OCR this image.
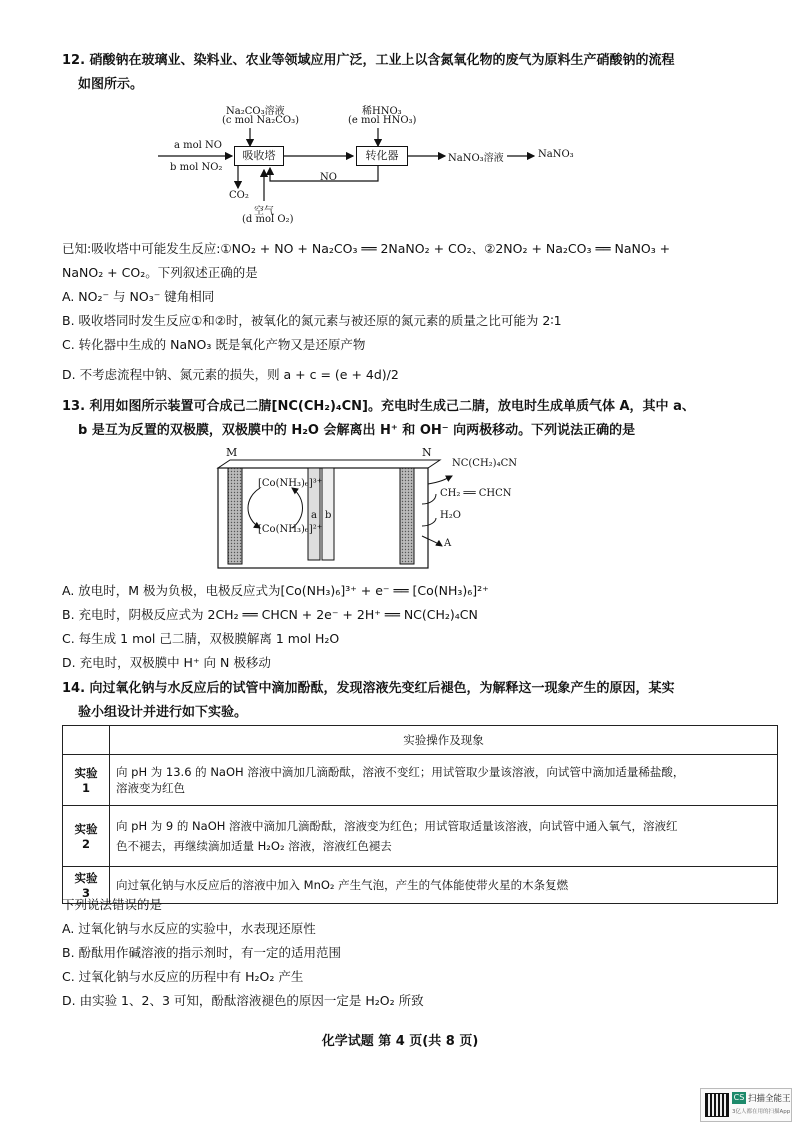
12. 硝酸钠在玻璃业、染料业、农业等领域应用广泛，工业上以含氮氧化物的废气为原料生产硝酸钠的流程
如图所示。
a mol NO
b mol NO₂
Na₂CO₃溶液
(c mol Na₂CO₃)
稀HNO₃
(e mol HNO₃)
吸收塔	转化器	NaNO₃溶液	NaNO₃
NO
CO₂
空气
(d mol O₂)
已知:吸收塔中可能发生反应:①NO₂ + NO + Na₂CO₃ ══ 2NaNO₂ + CO₂、②2NO₂ + Na₂CO₃ ══ NaNO₃ +
NaNO₂ + CO₂。下列叙述正确的是
A. NO₂⁻ 与 NO₃⁻ 键角相同
B. 吸收塔同时发生反应①和②时，被氧化的氮元素与被还原的氮元素的质量之比可能为 2∶1
C. 转化器中生成的 NaNO₃ 既是氧化产物又是还原产物
D. 不考虑流程中钠、氮元素的损失，则 a + c = (e + 4d)/2
13. 利用如图所示装置可合成己二腈[NC(CH₂)₄CN]。充电时生成己二腈，放电时生成单质气体 A，其中 a、
b 是互为反置的双极膜，双极膜中的 H₂O 会解离出 H⁺ 和 OH⁻ 向两极移动。下列说法正确的是
M	N
[Co(NH₃)₆]³⁺
[Co(NH₃)₆]²⁺
a b
NC(CH₂)₄CN
CH₂ ══ CHCN
H₂O
A
A. 放电时，M 极为负极，电极反应式为[Co(NH₃)₆]³⁺ + e⁻ ══ [Co(NH₃)₆]²⁺
B. 充电时，阴极反应式为 2CH₂ ══ CHCN + 2e⁻ + 2H⁺ ══ NC(CH₂)₄CN
C. 每生成 1 mol 己二腈，双极膜解离 1 mol H₂O
D. 充电时，双极膜中 H⁺ 向 N 极移动
14. 向过氧化钠与水反应后的试管中滴加酚酞，发现溶液先变红后褪色，为解释这一现象产生的原因，某实
验小组设计并进行如下实验。
	实验操作及现象
实验 1	向 pH 为 13.6 的 NaOH 溶液中滴加几滴酚酞，溶液不变红；用试管取少量该溶液，向试管中滴加适量稀盐酸，
溶液变为红色

实验 2	向 pH 为 9 的 NaOH 溶液中滴加几滴酚酞，溶液变为红色；用试管取适量该溶液，向试管中通入氧气，溶液红
色不褪去，再继续滴加适量 H₂O₂ 溶液，溶液红色褪去

实验 3	向过氧化钠与水反应后的溶液中加入 MnO₂ 产生气泡，产生的气体能使带火星的木条复燃
下列说法错误的是
A. 过氧化钠与水反应的实验中，水表现还原性
B. 酚酞用作碱溶液的指示剂时，有一定的适用范围
C. 过氧化钠与水反应的历程中有 H₂O₂ 产生
D. 由实验 1、2、3 可知，酚酞溶液褪色的原因一定是 H₂O₂ 所致
化学试题 第 4 页(共 8 页)
CS 扫描全能王
3亿人都在用的扫描App
